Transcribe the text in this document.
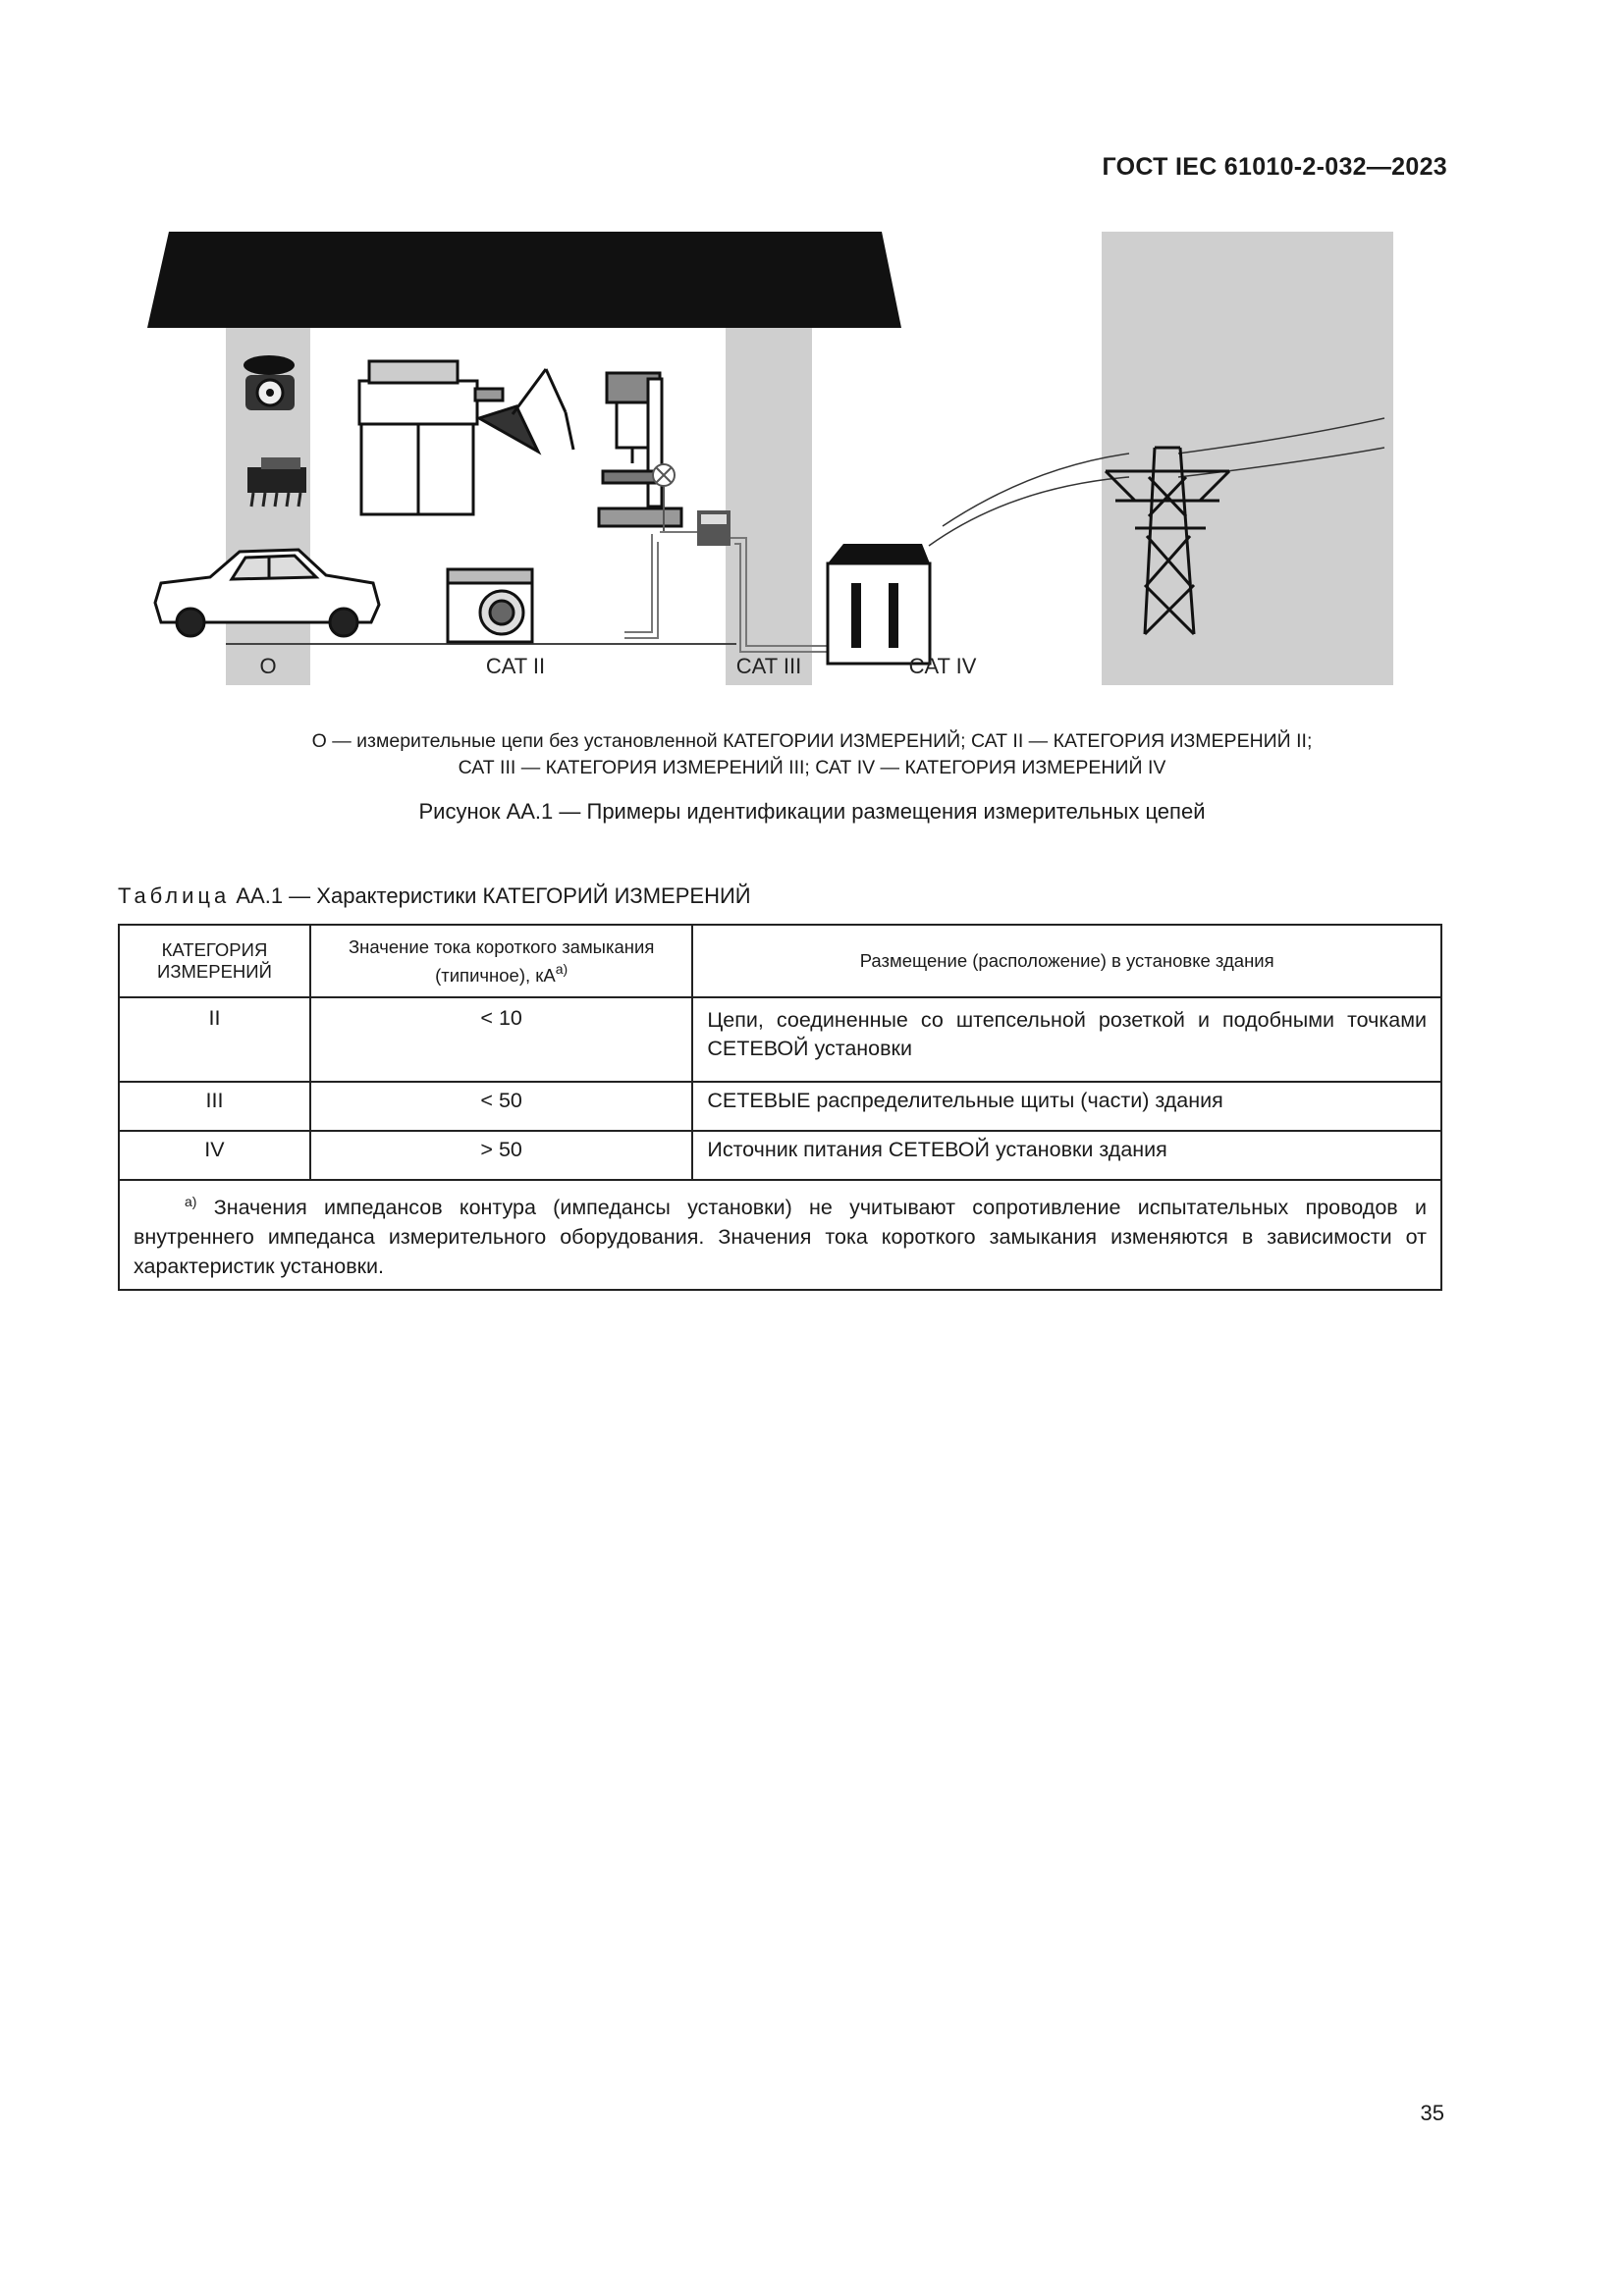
ГОСТ IEC 61010-2-032—2023
O	CAT II	CAT III	CAT IV
О — измерительные цепи без установленной КАТЕГОРИИ ИЗМЕРЕНИЙ; САТ II — КАТЕГОРИЯ ИЗМЕРЕНИЙ II;
САТ III — КАТЕГОРИЯ ИЗМЕРЕНИЙ III; САТ IV — КАТЕГОРИЯ ИЗМЕРЕНИЙ IV
Рисунок АА.1 — Примеры идентификации размещения измерительных цепей
Таблица АА.1 — Характеристики КАТЕГОРИЙ ИЗМЕРЕНИЙ
КАТЕГОРИЯ ИЗМЕРЕНИЙ	Значение тока короткого замыкания (типичное), $кА^{а)}$	Размещение (расположение) в установке здания
II	< 10	Цепи, соединенные со штепсельной розеткой и подобными точками СЕТЕВОЙ установки
III	< 50	СЕТЕВЫЕ распределительные щиты (части) здания
IV	> 50	Источник питания СЕТЕВОЙ установки здания
$^{а)}$ Значения импедансов контура (импедансы установки) не учитывают сопротивление испытательных проводов и внутреннего импеданса измерительного оборудования. Значения тока короткого замыкания изменяются в зависимости от характеристик установки.		
35
